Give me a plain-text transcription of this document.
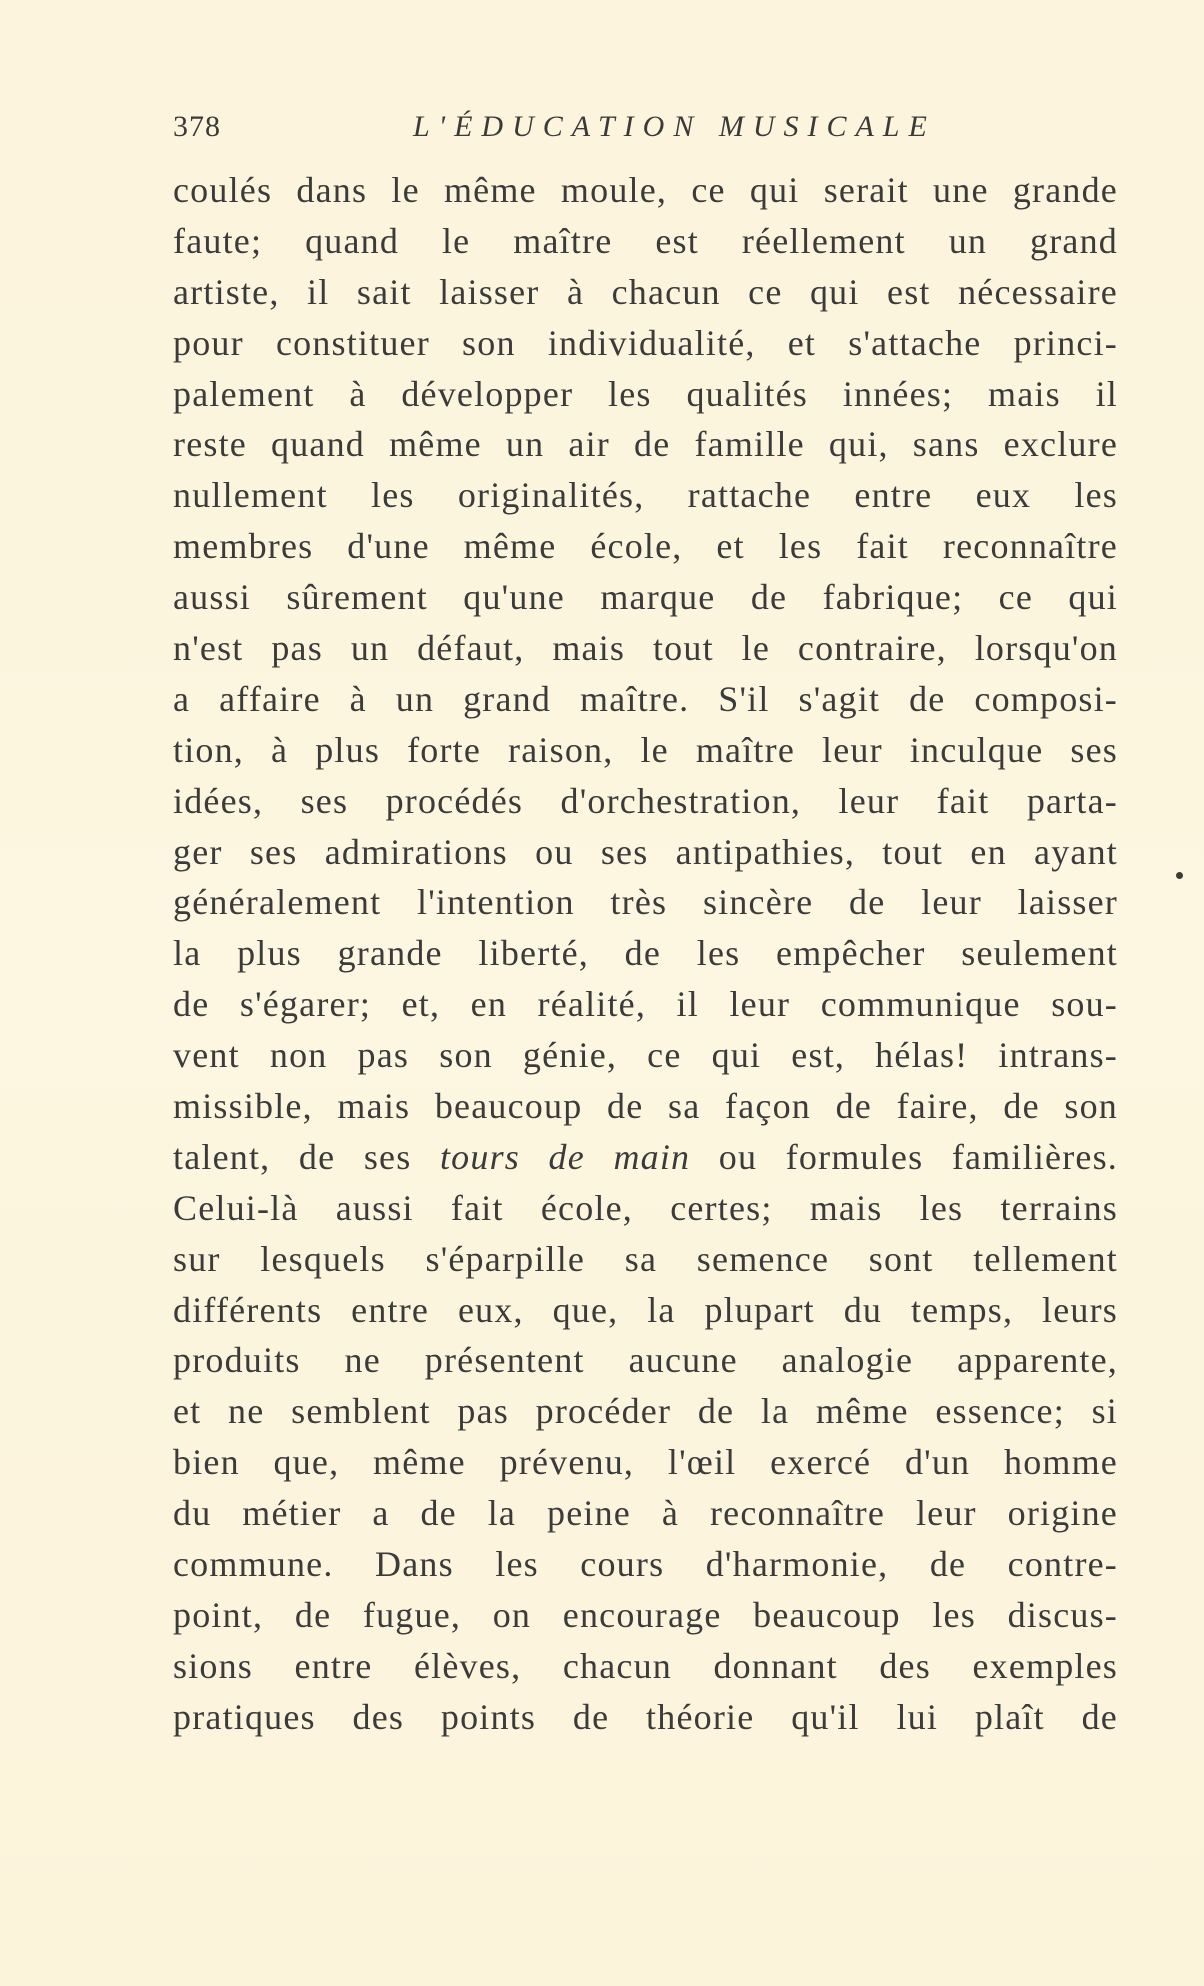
378	L'ÉDUCATION MUSICALE
coulés dans le même moule, ce qui serait une grande
faute; quand le maître est réellement un grand
artiste, il sait laisser à chacun ce qui est nécessaire
pour constituer son individualité, et s'attache princi-
palement à développer les qualités innées; mais il
reste quand même un air de famille qui, sans exclure
nullement les originalités, rattache entre eux les
membres d'une même école, et les fait reconnaître
aussi sûrement qu'une marque de fabrique; ce qui
n'est pas un défaut, mais tout le contraire, lorsqu'on
a affaire à un grand maître. S'il s'agit de composi-
tion, à plus forte raison, le maître leur inculque ses
idées, ses procédés d'orchestration, leur fait parta-
ger ses admirations ou ses antipathies, tout en ayant
généralement l'intention très sincère de leur laisser
la plus grande liberté, de les empêcher seulement
de s'égarer; et, en réalité, il leur communique sou-
vent non pas son génie, ce qui est, hélas! intrans-
missible, mais beaucoup de sa façon de faire, de son
talent, de ses tours de main ou formules familières.
Celui-là aussi fait école, certes; mais les terrains
sur lesquels s'éparpille sa semence sont tellement
différents entre eux, que, la plupart du temps, leurs
produits ne présentent aucune analogie apparente,
et ne semblent pas procéder de la même essence; si
bien que, même prévenu, l'œil exercé d'un homme
du métier a de la peine à reconnaître leur origine
commune. Dans les cours d'harmonie, de contre-
point, de fugue, on encourage beaucoup les discus-
sions entre élèves, chacun donnant des exemples
pratiques des points de théorie qu'il lui plaît de
